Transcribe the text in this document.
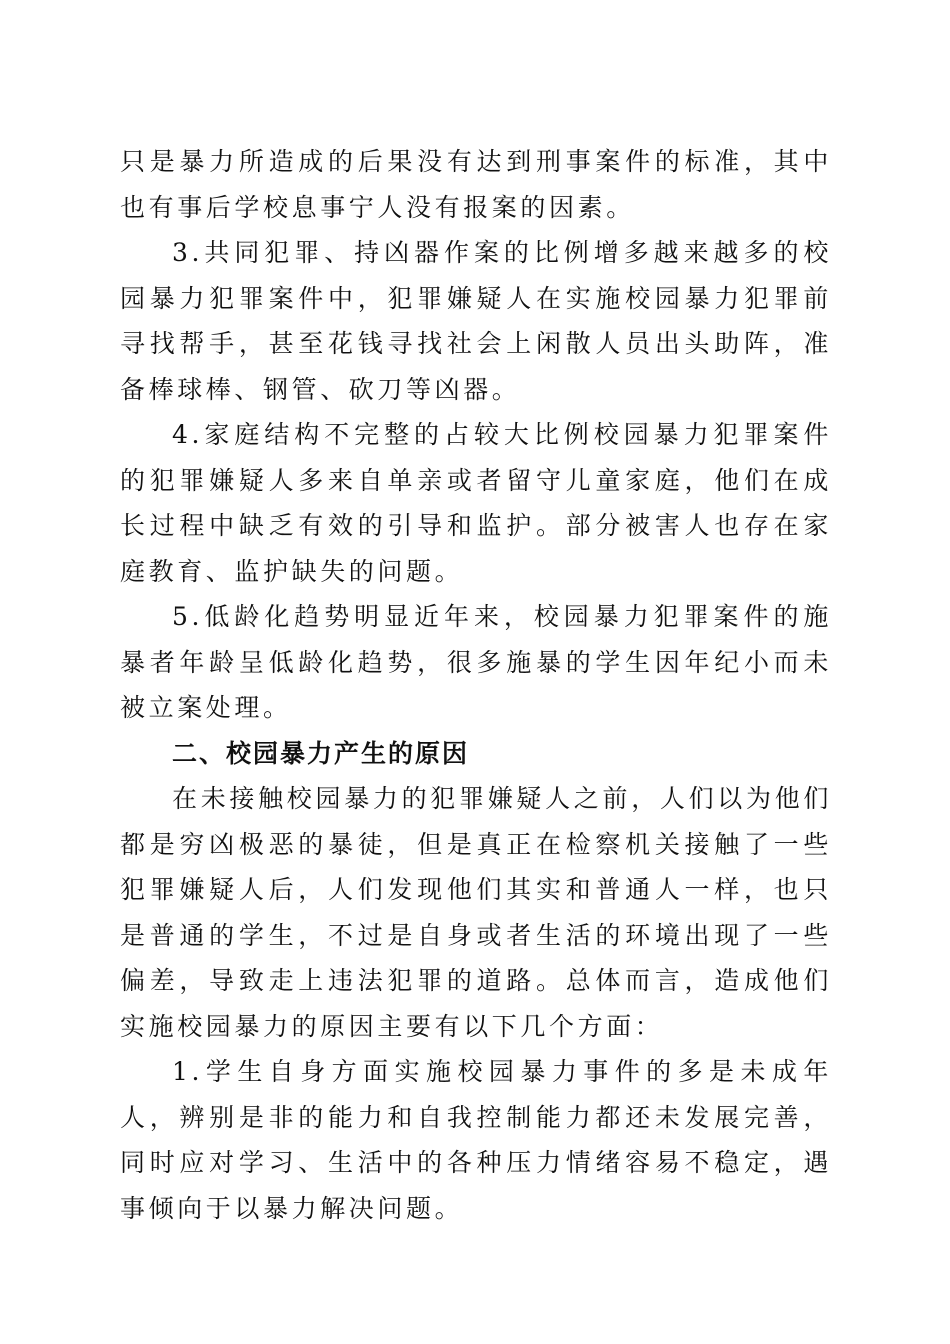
只是暴力所造成的后果没有达到刑事案件的标准，其中也有事后学校息事宁人没有报案的因素。

3.共同犯罪、持凶器作案的比例增多越来越多的校园暴力犯罪案件中，犯罪嫌疑人在实施校园暴力犯罪前寻找帮手，甚至花钱寻找社会上闲散人员出头助阵，准备棒球棒、钢管、砍刀等凶器。

4.家庭结构不完整的占较大比例校园暴力犯罪案件的犯罪嫌疑人多来自单亲或者留守儿童家庭，他们在成长过程中缺乏有效的引导和监护。部分被害人也存在家庭教育、监护缺失的问题。

5.低龄化趋势明显近年来，校园暴力犯罪案件的施暴者年龄呈低龄化趋势，很多施暴的学生因年纪小而未被立案处理。

二、校园暴力产生的原因

在未接触校园暴力的犯罪嫌疑人之前，人们以为他们都是穷凶极恶的暴徒，但是真正在检察机关接触了一些犯罪嫌疑人后，人们发现他们其实和普通人一样，也只是普通的学生，不过是自身或者生活的环境出现了一些偏差，导致走上违法犯罪的道路。总体而言，造成他们实施校园暴力的原因主要有以下几个方面：

1.学生自身方面实施校园暴力事件的多是未成年人，辨别是非的能力和自我控制能力都还未发展完善，同时应对学习、生活中的各种压力情绪容易不稳定，遇事倾向于以暴力解决问题。
